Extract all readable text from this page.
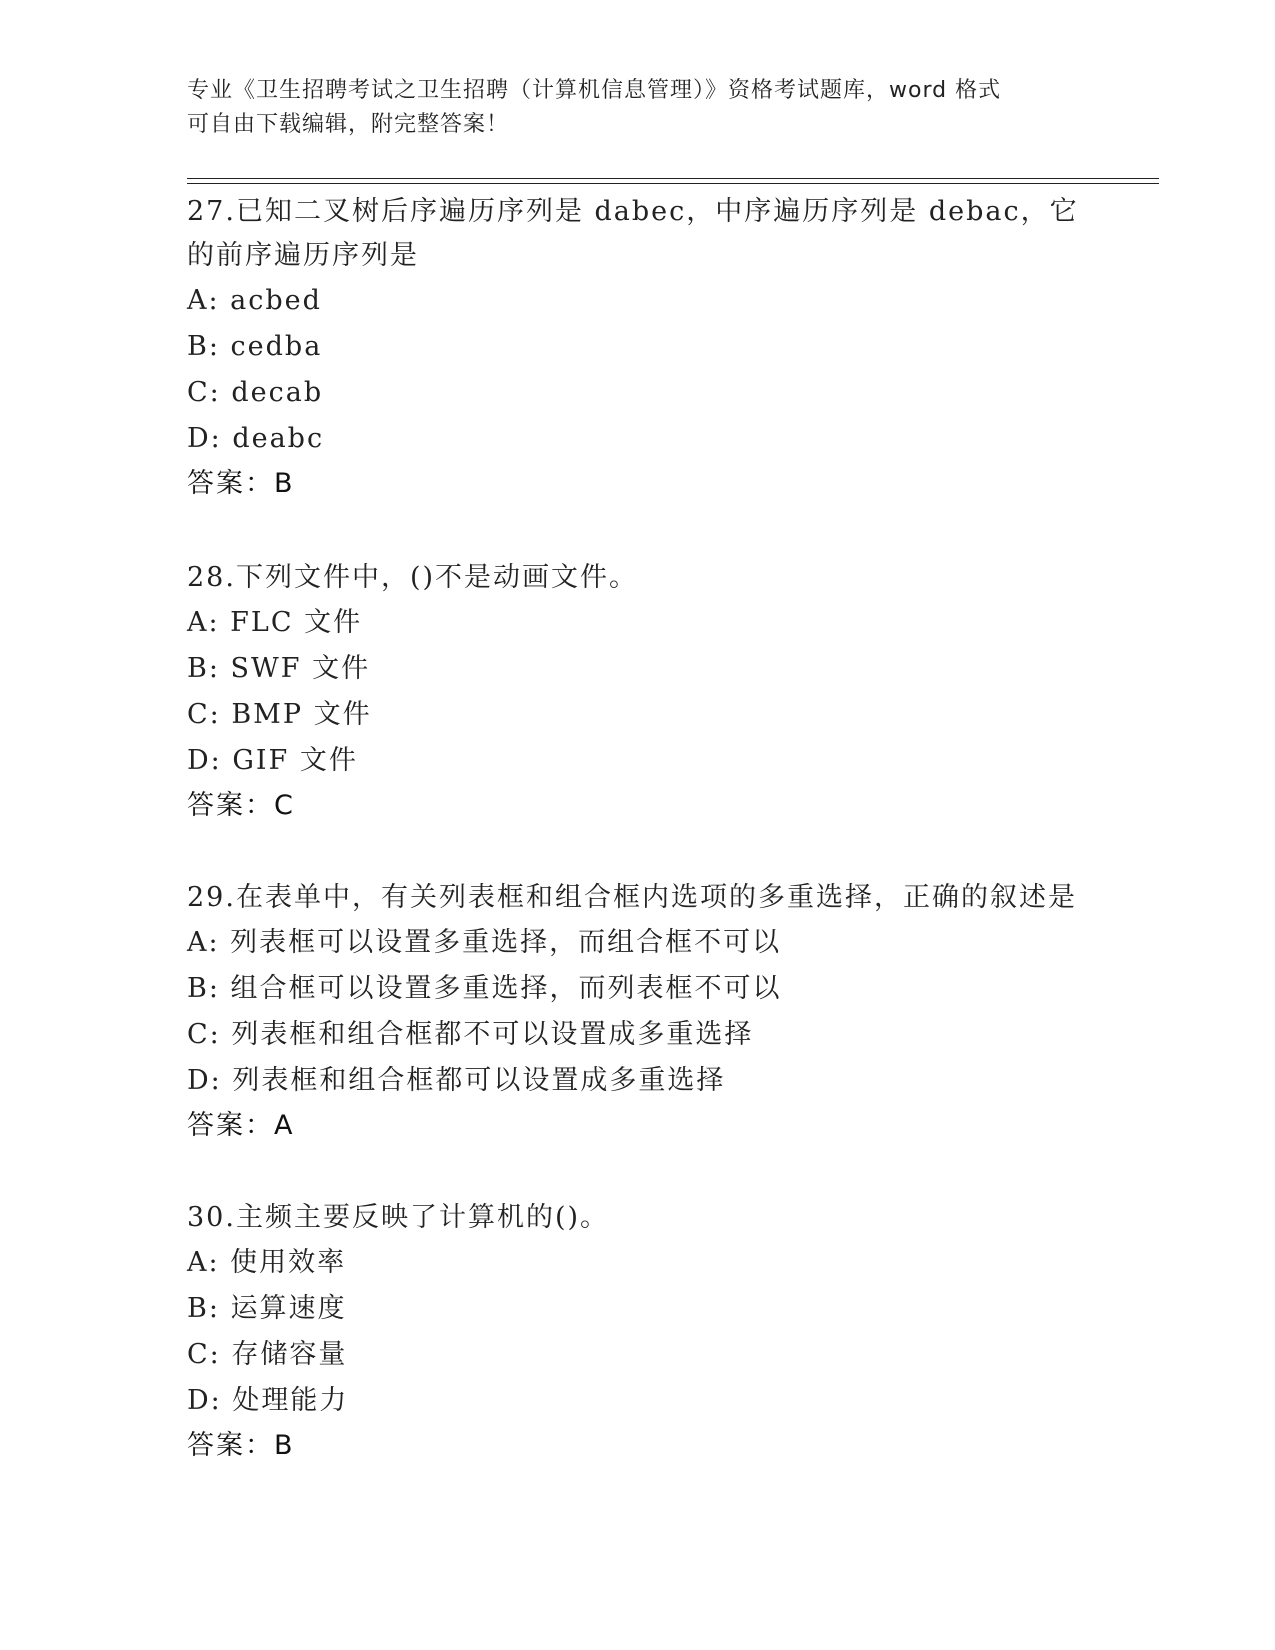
专业《卫生招聘考试之卫生招聘（计算机信息管理）》资格考试题库，word 格式
可自由下载编辑，附完整答案！

27.已知二叉树后序遍历序列是 dabec，中序遍历序列是 debac，它的前序遍历序列是

A: acbed

B: cedba

C: decab

D: deabc

答案：B

28.下列文件中，()不是动画文件。

A: FLC 文件

B: SWF 文件

C: BMP 文件

D: GIF 文件

答案：C

29.在表单中，有关列表框和组合框内选项的多重选择，正确的叙述是

A: 列表框可以设置多重选择，而组合框不可以

B: 组合框可以设置多重选择，而列表框不可以

C: 列表框和组合框都不可以设置成多重选择

D: 列表框和组合框都可以设置成多重选择

答案：A

30.主频主要反映了计算机的()。

A: 使用效率

B: 运算速度

C: 存储容量

D: 处理能力

答案：B
